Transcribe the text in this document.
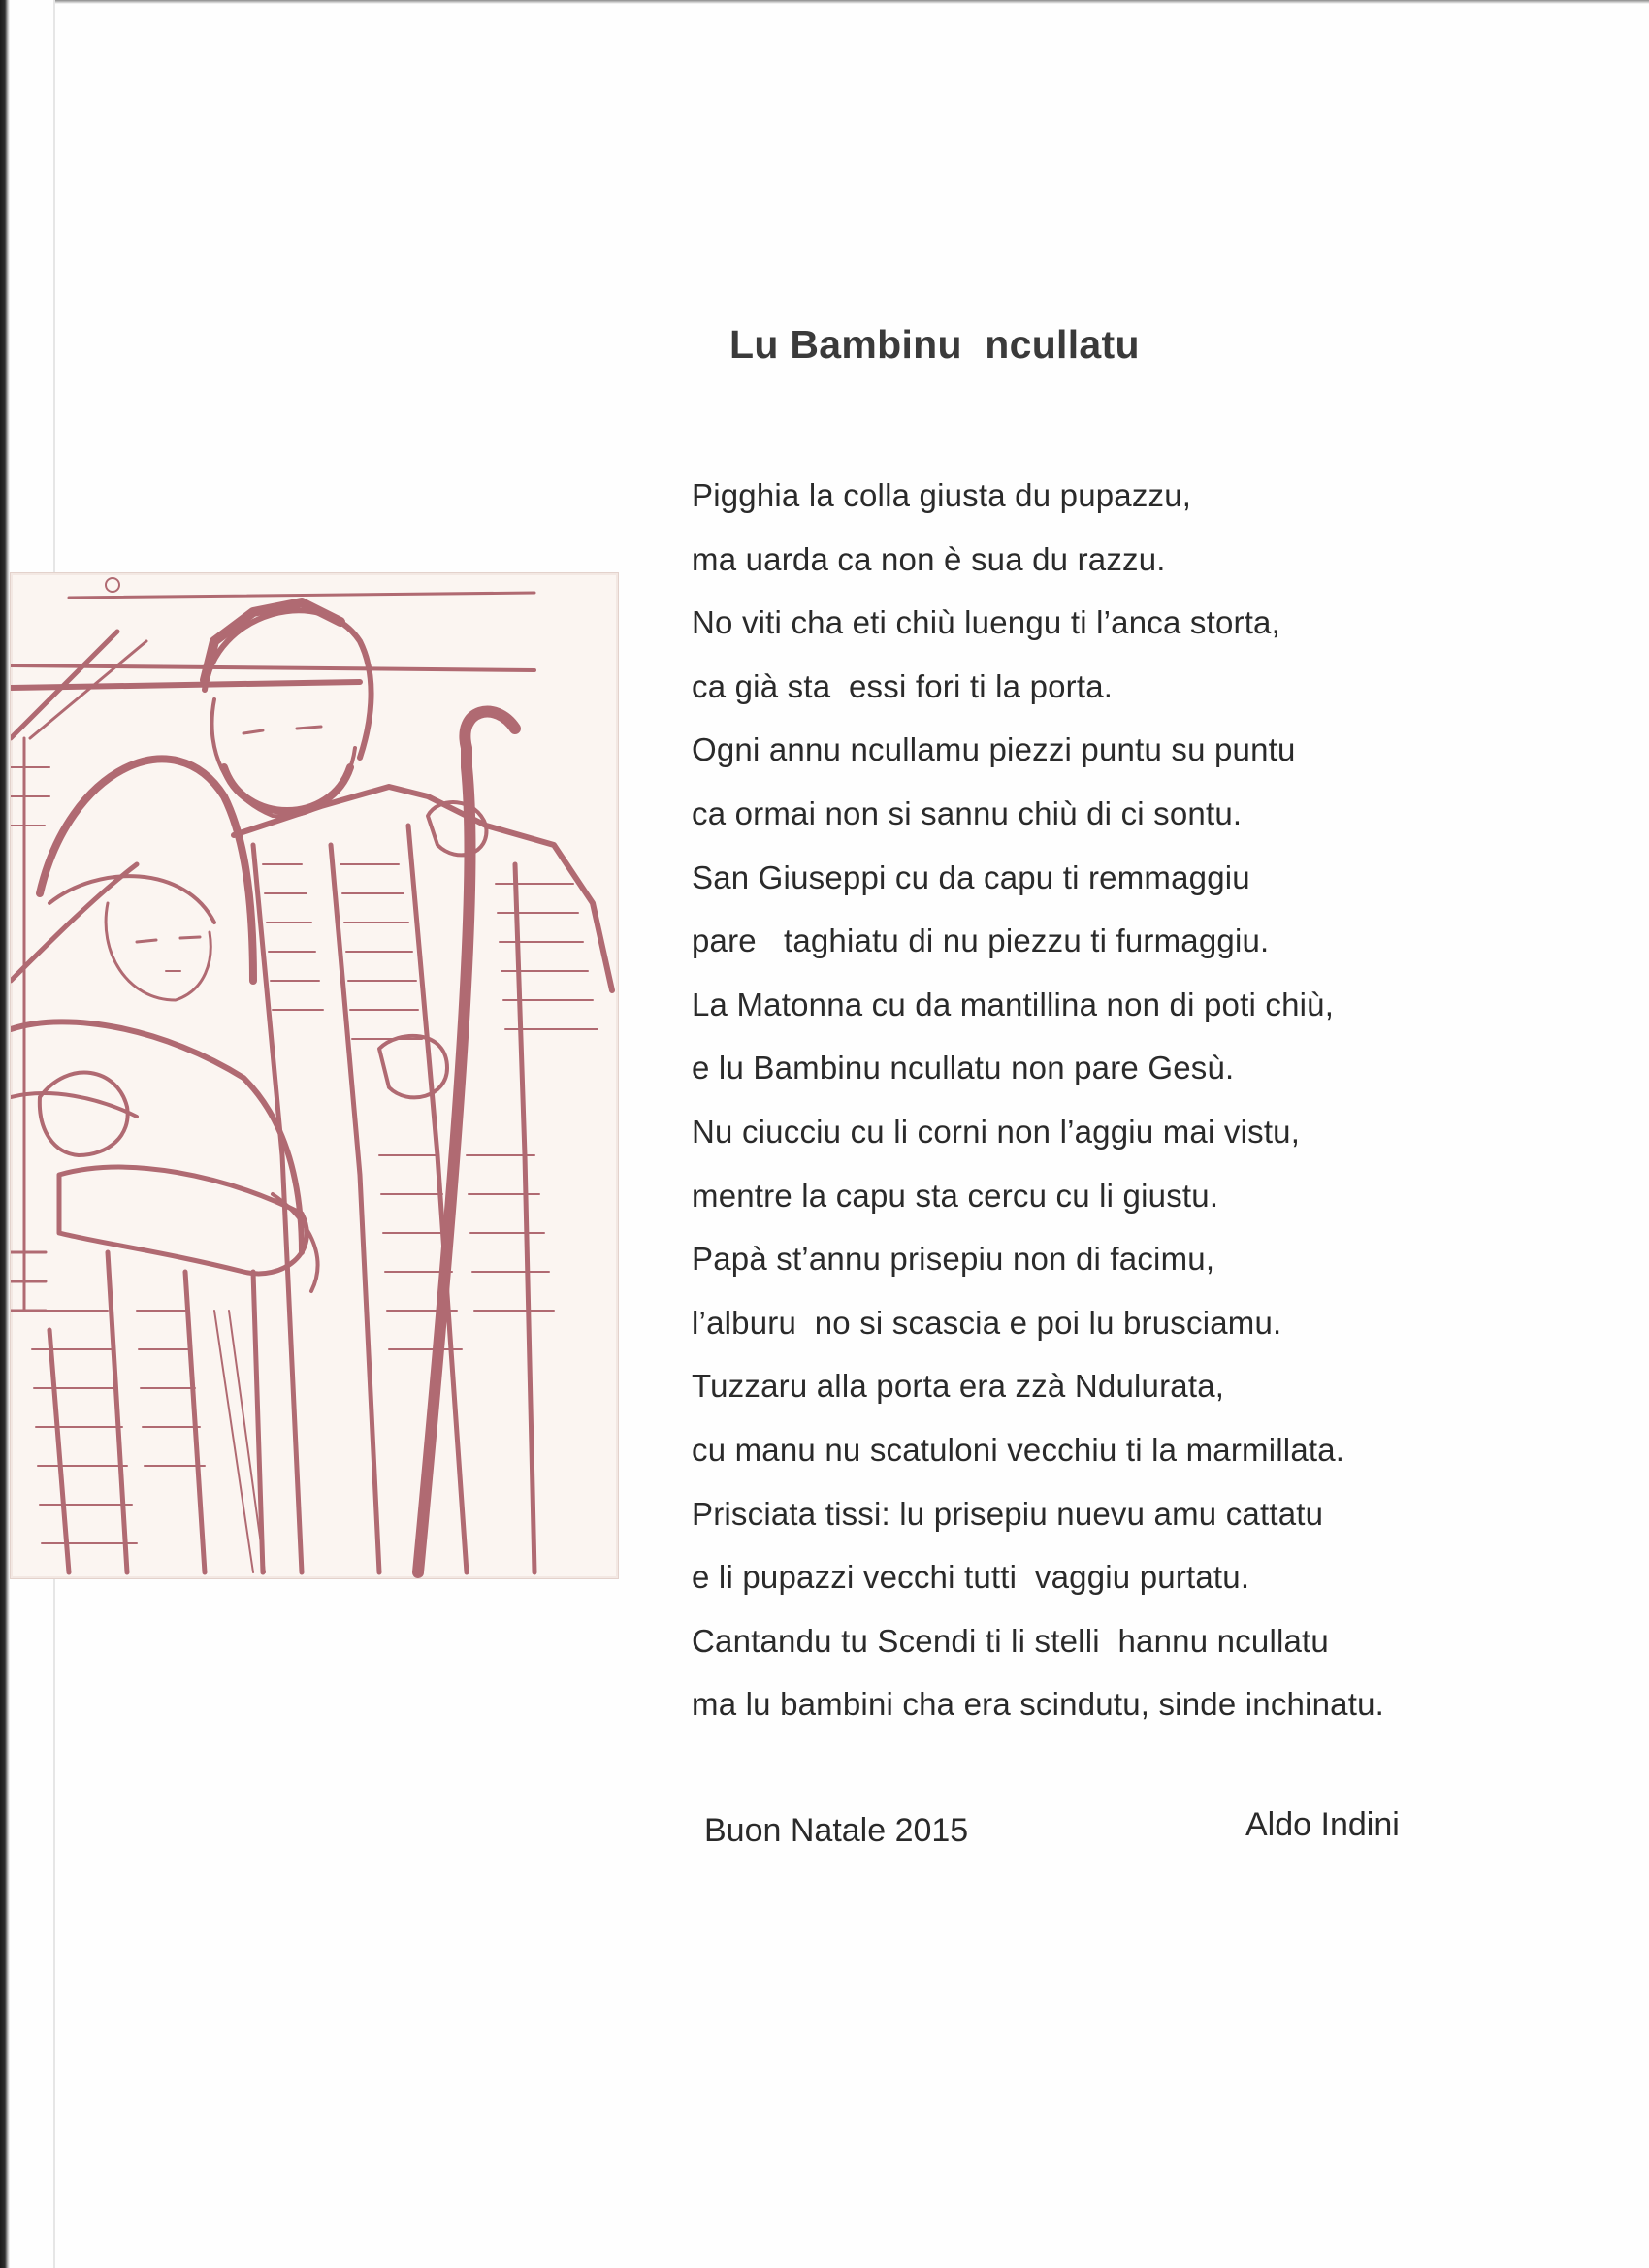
Lu Bambinu  ncullatu
Pigghia la colla giusta du pupazzu,
ma uarda ca non è sua du razzu.
No viti cha eti chiù luengu ti l’anca storta,
ca già sta  essi fori ti la porta.
Ogni annu ncullamu piezzi puntu su puntu
ca ormai non si sannu chiù di ci sontu.
San Giuseppi cu da capu ti remmaggiu
pare   taghiatu di nu piezzu ti furmaggiu.
La Matonna cu da mantillina non di poti chiù,
e lu Bambinu ncullatu non pare Gesù.
Nu ciucciu cu li corni non l’aggiu mai vistu,
mentre la capu sta cercu cu li giustu.
Papà st’annu prisepiu non di facimu,
l’alburu  no si scascia e poi lu brusciamu.
Tuzzaru alla porta era zzà Ndulurata,
cu manu nu scatuloni vecchiu ti la marmillata.
Prisciata tissi: lu prisepiu nuevu amu cattatu
e li pupazzi vecchi tutti  vaggiu purtatu.
Cantandu tu Scendi ti li stelli  hannu ncullatu
ma lu bambini cha era scindutu, sinde inchinatu.
Buon Natale 2015	Aldo Indini
